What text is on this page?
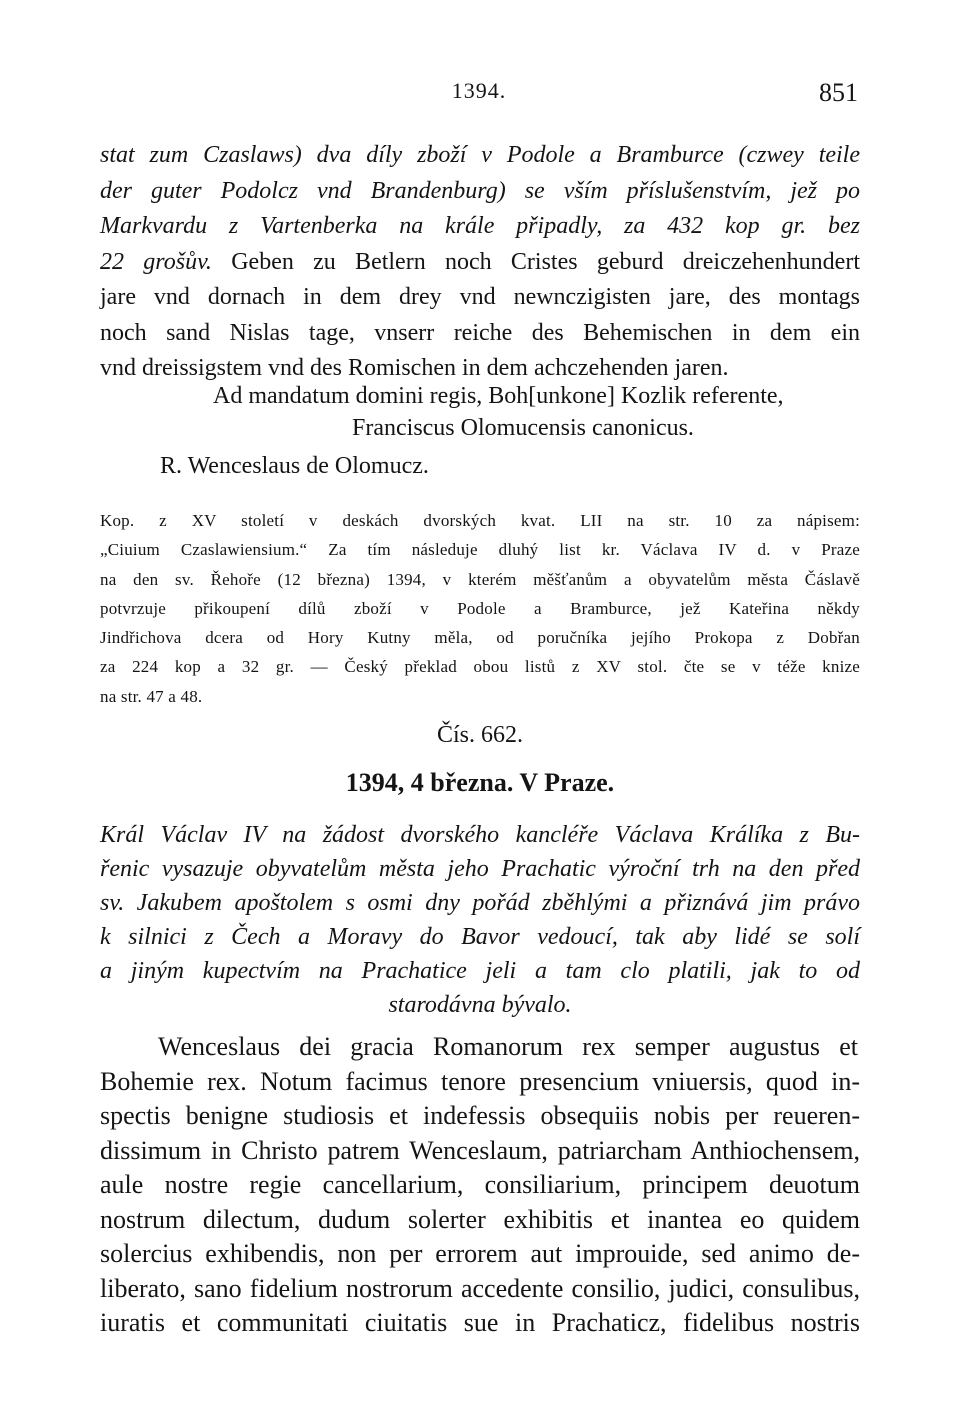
1394.	851
stat zum Czaslaws) dva díly zboží v Podole a Bramburce (czwey teile
der guter Podolcz vnd Brandenburg) se vším příslušenstvím, jež po
Markvardu z Vartenberka na krále připadly, za 432 kop gr. bez
22 grošův. Geben zu Betlern noch Cristes geburd dreiczehenhundert
jare vnd dornach in dem drey vnd newnczigisten jare, des montags
noch sand Nislas tage, vnserr reiche des Behemischen in dem ein
vnd dreissigstem vnd des Romischen in dem achczehenden jaren.
Ad mandatum domini regis, Boh[unkone] Kozlik referente,
Franciscus Olomucensis canonicus.
R. Wenceslaus de Olomucz.
Kop. z XV století v deskách dvorských kvat. LII na str. 10 za nápisem:
„Ciuium Czaslawiensium.“ Za tím následuje dluhý list kr. Václava IV d. v Praze
na den sv. Řehoře (12 března) 1394, v kterém měšťanům a obyvatelům města Čáslavě
potvrzuje přikoupení dílů zboží v Podole a Bramburce, jež Kateřina někdy
Jindřichova dcera od Hory Kutny měla, od poručníka jejího Prokopa z Dobřan
za 224 kop a 32 gr. — Český překlad obou listů z XV stol. čte se v téže knize
na str. 47 a 48.
Čís. 662.
1394, 4 března. V Praze.
Král Václav IV na žádost dvorského kancléře Václava Králíka z Bu-
řenic vysazuje obyvatelům města jeho Prachatic výroční trh na den před
sv. Jakubem apoštolem s osmi dny pořád zběhlými a přiznává jim právo
k silnici z Čech a Moravy do Bavor vedoucí, tak aby lidé se solí
a jiným kupectvím na Prachatice jeli a tam clo platili, jak to od
starodávna bývalo.
Wenceslaus dei gracia Romanorum rex semper augustus et
Bohemie rex. Notum facimus tenore presencium vniuersis, quod in-
spectis benigne studiosis et indefessis obsequiis nobis per reueren-
dissimum in Christo patrem Wenceslaum, patriarcham Anthiochensem,
aule nostre regie cancellarium, consiliarium, principem deuotum
nostrum dilectum, dudum solerter exhibitis et inantea eo quidem
solercius exhibendis, non per errorem aut improuide, sed animo de-
liberato, sano fidelium nostrorum accedente consilio, judici, consulibus,
iuratis et communitati ciuitatis sue in Prachaticz, fidelibus nostris
